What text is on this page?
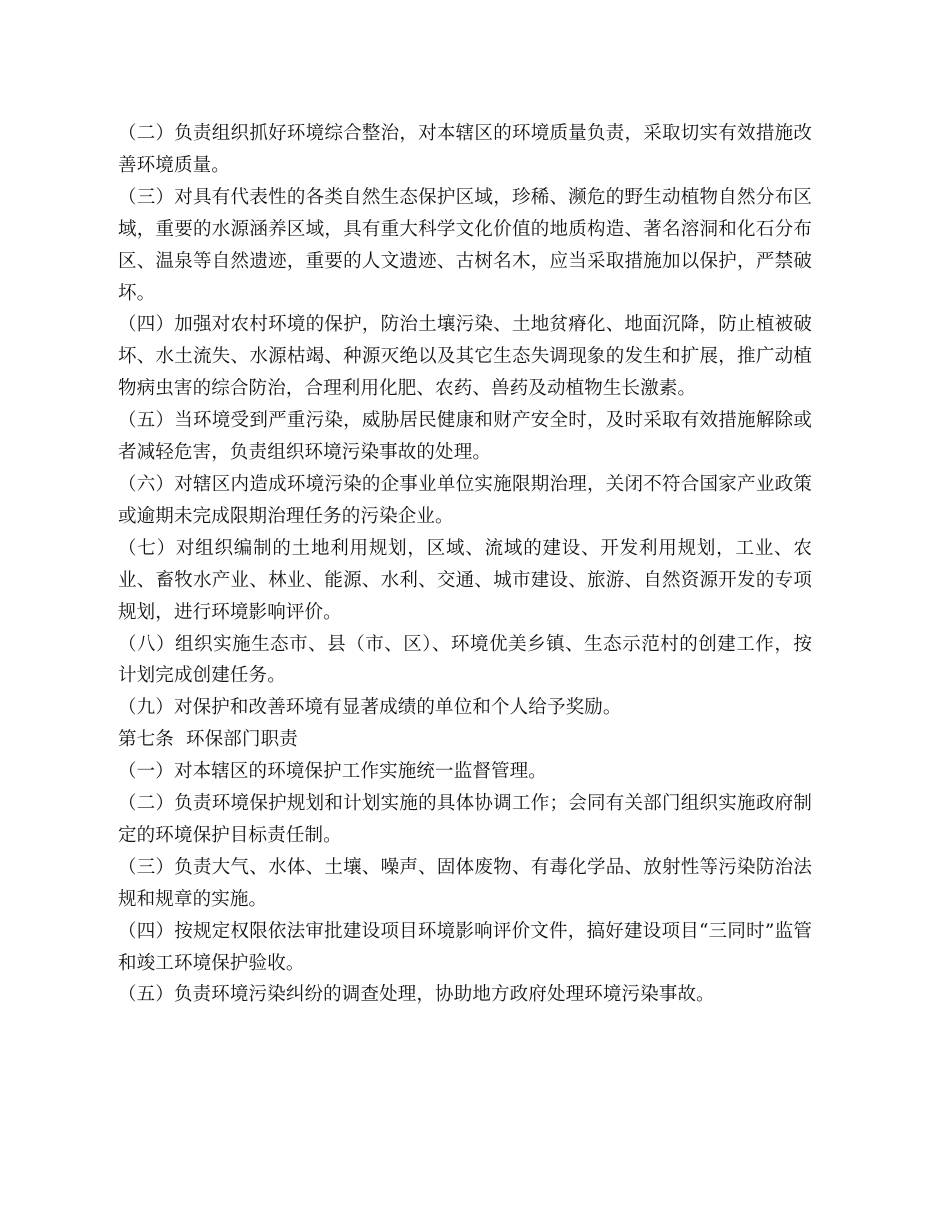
（二）负责组织抓好环境综合整治，对本辖区的环境质量负责，采取切实有效措施改善环境质量。

（三）对具有代表性的各类自然生态保护区域，珍稀、濒危的野生动植物自然分布区域，重要的水源涵养区域，具有重大科学文化价值的地质构造、著名溶洞和化石分布区、温泉等自然遗迹，重要的人文遗迹、古树名木，应当采取措施加以保护，严禁破坏。

（四）加强对农村环境的保护，防治土壤污染、土地贫瘠化、地面沉降，防止植被破坏、水土流失、水源枯竭、种源灭绝以及其它生态失调现象的发生和扩展，推广动植物病虫害的综合防治，合理利用化肥、农药、兽药及动植物生长激素。

（五）当环境受到严重污染，威胁居民健康和财产安全时，及时采取有效措施解除或者减轻危害，负责组织环境污染事故的处理。

（六）对辖区内造成环境污染的企事业单位实施限期治理，关闭不符合国家产业政策或逾期未完成限期治理任务的污染企业。

（七）对组织编制的土地利用规划，区域、流域的建设、开发利用规划，工业、农业、畜牧水产业、林业、能源、水利、交通、城市建设、旅游、自然资源开发的专项规划，进行环境影响评价。

（八）组织实施生态市、县（市、区）、环境优美乡镇、生态示范村的创建工作，按计划完成创建任务。

（九）对保护和改善环境有显著成绩的单位和个人给予奖励。

第七条  环保部门职责

（一）对本辖区的环境保护工作实施统一监督管理。

（二）负责环境保护规划和计划实施的具体协调工作；会同有关部门组织实施政府制定的环境保护目标责任制。

（三）负责大气、水体、土壤、噪声、固体废物、有毒化学品、放射性等污染防治法规和规章的实施。

（四）按规定权限依法审批建设项目环境影响评价文件，搞好建设项目“三同时”监管和竣工环境保护验收。

（五）负责环境污染纠纷的调查处理，协助地方政府处理环境污染事故。
